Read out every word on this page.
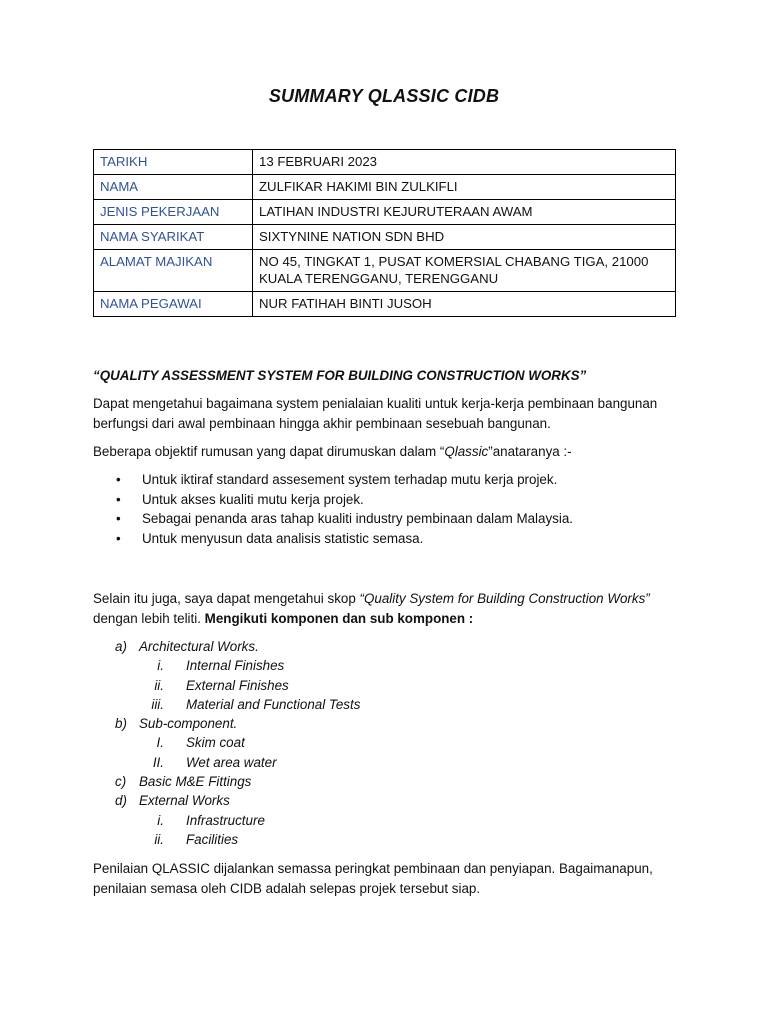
SUMMARY QLASSIC CIDB
TARIKH	13 FEBRUARI 2023
NAMA	ZULFIKAR HAKIMI BIN ZULKIFLI
JENIS PEKERJAAN	LATIHAN INDUSTRI KEJURUTERAAN AWAM
NAMA SYARIKAT	SIXTYNINE NATION SDN BHD
ALAMAT MAJIKAN	NO 45, TINGKAT 1, PUSAT KOMERSIAL CHABANG TIGA, 21000 KUALA TERENGGANU, TERENGGANU
NAMA PEGAWAI	NUR FATIHAH BINTI JUSOH
“QUALITY ASSESSMENT SYSTEM FOR BUILDING CONSTRUCTION WORKS”
Dapat mengetahui bagaimana system penialaian kualiti untuk kerja-kerja pembinaan bangunan berfungsi dari awal pembinaan hingga akhir pembinaan sesebuah bangunan.
Beberapa objektif rumusan yang dapat dirumuskan dalam “Qlassic”anataranya :-
• Untuk iktiraf standard assesement system terhadap mutu kerja projek.
• Untuk akses kualiti mutu kerja projek.
• Sebagai penanda aras tahap kualiti industry pembinaan dalam Malaysia.
• Untuk menyusun data analisis statistic semasa.
Selain itu juga, saya dapat mengetahui skop “Quality System for Building Construction Works” dengan lebih teliti. Mengikuti komponen dan sub komponen :
a) Architectural Works.
i. Internal Finishes
ii. External Finishes
iii. Material and Functional Tests
b) Sub-component.
I. Skim coat
II. Wet area water
c) Basic M&E Fittings
d) External Works
i. Infrastructure
ii. Facilities
Penilaian QLASSIC dijalankan semassa peringkat pembinaan dan penyiapan. Bagaimanapun, penilaian semasa oleh CIDB adalah selepas projek tersebut siap.
